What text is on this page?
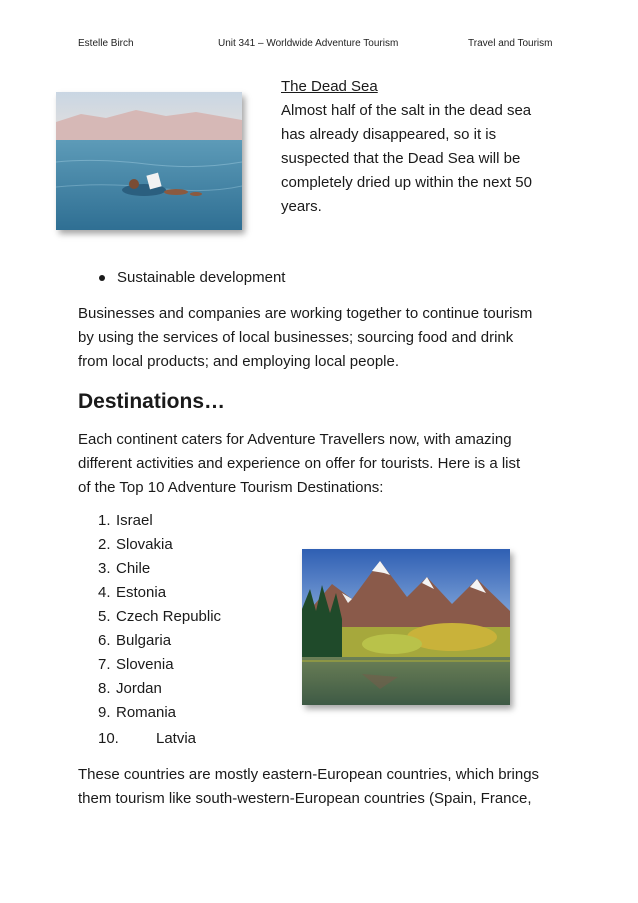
Estelle Birch	Unit 341 – Worldwide Adventure Tourism	Travel and Tourism
The Dead Sea
Almost half of the salt in the dead sea
has already disappeared, so it is
suspected that the Dead Sea will be
completely dried up within the next 50
years.
Sustainable development
Businesses and companies are working together to continue tourism
by using the services of local businesses; sourcing food and drink
from local products; and employing local people.
Destinations…
Each continent caters for Adventure Travellers now, with amazing
different activities and experience on offer for tourists. Here is a list
of the Top 10 Adventure Tourism Destinations:
1. Israel
2. Slovakia
3. Chile
4. Estonia
5. Czech Republic
6. Bulgaria
7. Slovenia
8. Jordan
9. Romania
10. Latvia
These countries are mostly eastern-European countries, which brings
them tourism like south-western-European countries (Spain, France,
